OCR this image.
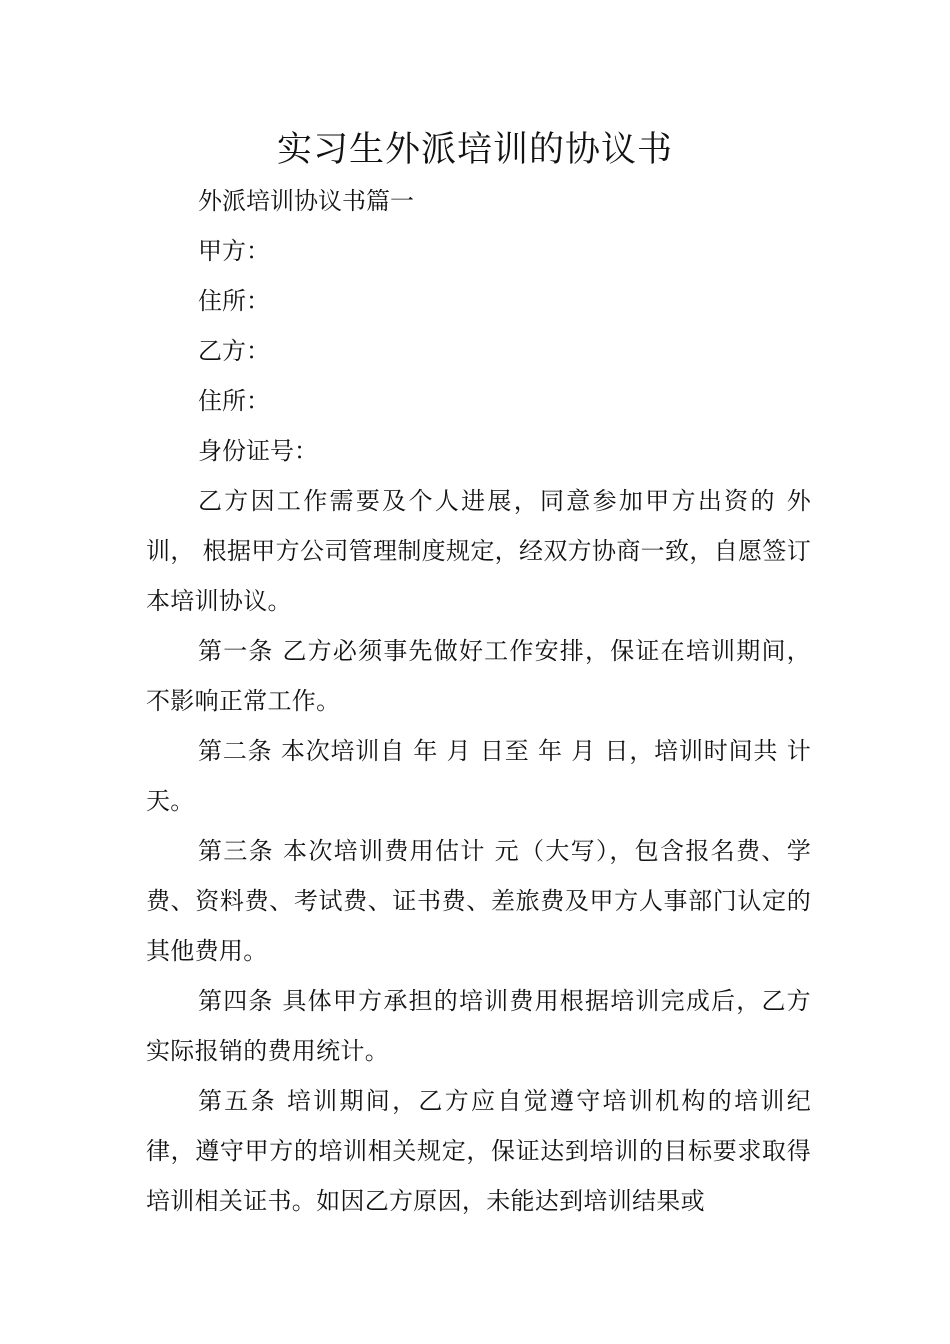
实习生外派培训的协议书

外派培训协议书篇一

甲方：

住所：

乙方：

住所：

身份证号：

乙方因工作需要及个人进展，同意参加甲方出资的 外训， 根据甲方公司管理制度规定，经双方协商一致，自愿签订本培训协议。

第一条 乙方必须事先做好工作安排，保证在培训期间，不影响正常工作。

第二条 本次培训自 年 月 日至 年 月 日，培训时间共 计 天。

第三条 本次培训费用估计 元（大写），包含报名费、学费、资料费、考试费、证书费、差旅费及甲方人事部门认定的其他费用。

第四条 具体甲方承担的培训费用根据培训完成后，乙方实际报销的费用统计。

第五条 培训期间，乙方应自觉遵守培训机构的培训纪律，遵守甲方的培训相关规定，保证达到培训的目标要求取得培训相关证书。如因乙方原因，未能达到培训结果或
